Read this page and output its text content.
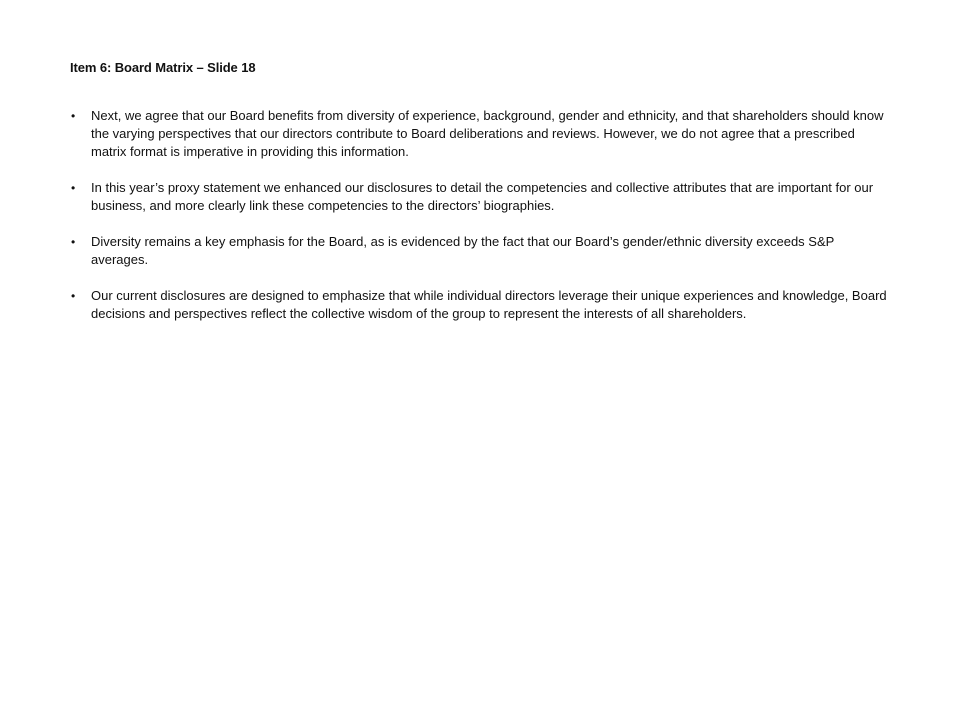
Item 6: Board Matrix – Slide 18
• Next, we agree that our Board benefits from diversity of experience, background, gender and ethnicity, and that shareholders should know the varying perspectives that our directors contribute to Board deliberations and reviews. However, we do not agree that a prescribed matrix format is imperative in providing this information.
• In this year’s proxy statement we enhanced our disclosures to detail the competencies and collective attributes that are important for our business, and more clearly link these competencies to the directors’ biographies.
• Diversity remains a key emphasis for the Board, as is evidenced by the fact that our Board’s gender/ethnic diversity exceeds S&P averages.
• Our current disclosures are designed to emphasize that while individual directors leverage their unique experiences and knowledge, Board decisions and perspectives reflect the collective wisdom of the group to represent the interests of all shareholders.
